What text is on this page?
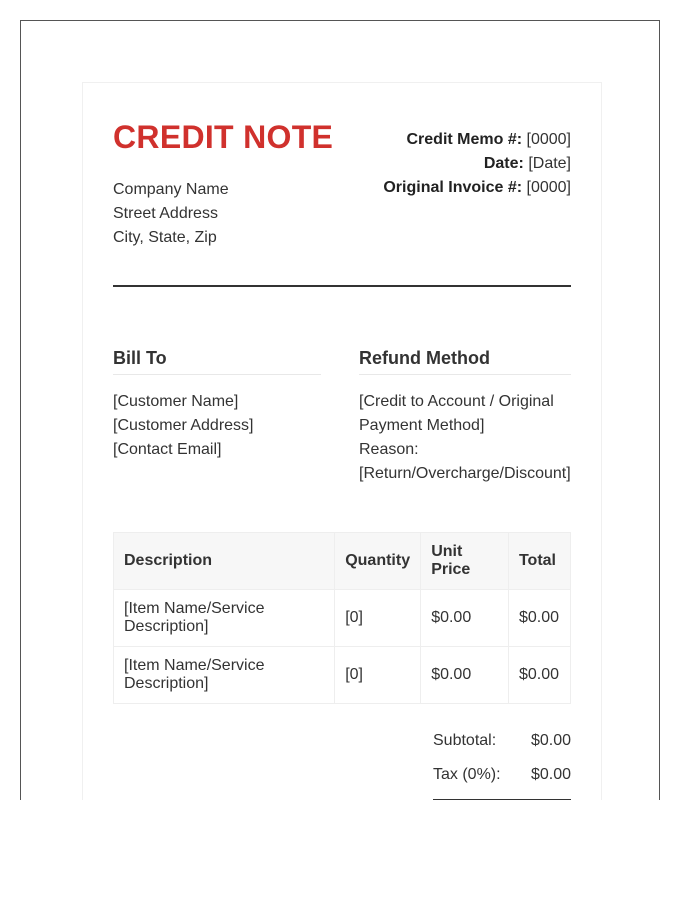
CREDIT NOTE
Company Name
Street Address
City, State, Zip
Credit Memo #: [0000]
Date: [Date]
Original Invoice #: [0000]
Bill To
[Customer Name]
[Customer Address]
[Contact Email]
Refund Method
[Credit to Account / Original
Payment Method]
Reason:
[Return/Overcharge/Discount]
Description	Quantity	Unit Price	Total
[Item Name/Service Description]	[0]	$0.00	$0.00
[Item Name/Service Description]	[0]	$0.00	$0.00
Subtotal: $0.00
Tax (0%): $0.00
